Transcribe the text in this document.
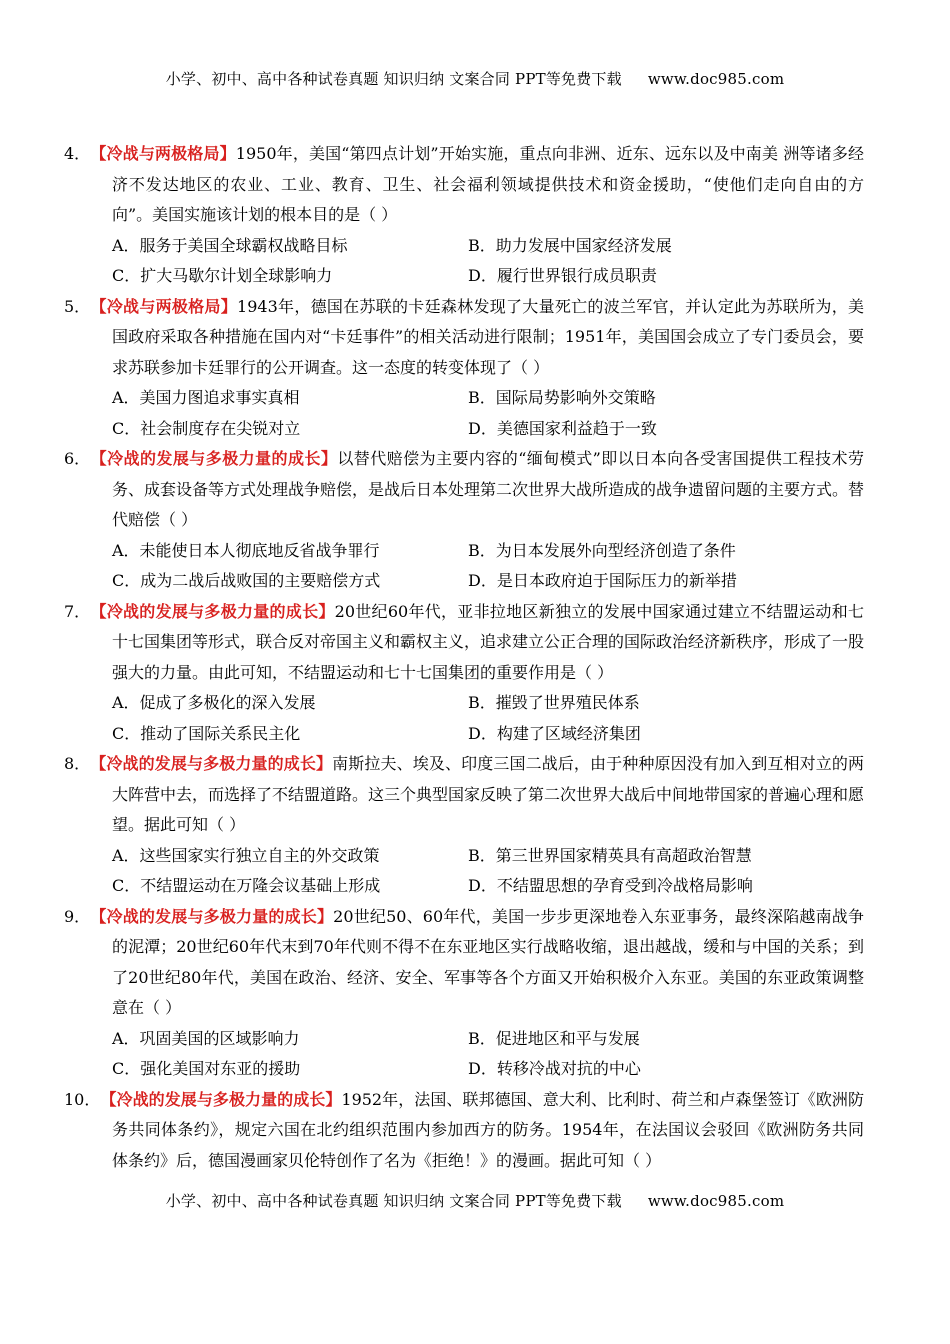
小学、初中、高中各种试卷真题 知识归纳 文案合同 PPT等免费下载 www.doc985.com
4．【冷战与两极格局】1950年，美国“第四点计划”开始实施，重点向非洲、近东、远东以及中南美 洲等诸多经济不发达地区的农业、工业、教育、卫生、社会福利领域提供技术和资金援助，“使他们走向自由的方向”。美国实施该计划的根本目的是（ ）
A．服务于美国全球霸权战略目标	B．助力发展中国家经济发展
C．扩大马歇尔计划全球影响力	D．履行世界银行成员职责
5．【冷战与两极格局】1943年，德国在苏联的卡廷森林发现了大量死亡的波兰军官，并认定此为苏联所为，美国政府采取各种措施在国内对“卡廷事件”的相关活动进行限制；1951年，美国国会成立了专门委员会，要求苏联参加卡廷罪行的公开调查。这一态度的转变体现了（ ）
A．美国力图追求事实真相	B．国际局势影响外交策略
C．社会制度存在尖锐对立	D．美德国家利益趋于一致
6．【冷战的发展与多极力量的成长】以替代赔偿为主要内容的“缅甸模式”即以日本向各受害国提供工程技术劳务、成套设备等方式处理战争赔偿，是战后日本处理第二次世界大战所造成的战争遗留问题的主要方式。替代赔偿（ ）
A．未能使日本人彻底地反省战争罪行	B．为日本发展外向型经济创造了条件
C．成为二战后战败国的主要赔偿方式	D．是日本政府迫于国际压力的新举措
7．【冷战的发展与多极力量的成长】20世纪60年代，亚非拉地区新独立的发展中国家通过建立不结盟运动和七十七国集团等形式，联合反对帝国主义和霸权主义，追求建立公正合理的国际政治经济新秩序，形成了一股强大的力量。由此可知，不结盟运动和七十七国集团的重要作用是（ ）
A．促成了多极化的深入发展	B．摧毁了世界殖民体系
C．推动了国际关系民主化	D．构建了区域经济集团
8．【冷战的发展与多极力量的成长】南斯拉夫、埃及、印度三国二战后，由于种种原因没有加入到互相对立的两大阵营中去，而选择了不结盟道路。这三个典型国家反映了第二次世界大战后中间地带国家的普遍心理和愿望。据此可知（ ）
A．这些国家实行独立自主的外交政策	B．第三世界国家精英具有高超政治智慧
C．不结盟运动在万隆会议基础上形成	D．不结盟思想的孕育受到冷战格局影响
9．【冷战的发展与多极力量的成长】20世纪50、60年代，美国一步步更深地卷入东亚事务，最终深陷越南战争的泥潭；20世纪60年代末到70年代则不得不在东亚地区实行战略收缩，退出越战，缓和与中国的关系；到了20世纪80年代，美国在政治、经济、安全、军事等各个方面又开始积极介入东亚。美国的东亚政策调整意在（ ）
A．巩固美国的区域影响力	B．促进地区和平与发展
C．强化美国对东亚的援助	D．转移冷战对抗的中心
10．【冷战的发展与多极力量的成长】1952年，法国、联邦德国、意大利、比利时、荷兰和卢森堡签订《欧洲防务共同体条约》，规定六国在北约组织范围内参加西方的防务。1954年，在法国议会驳回《欧洲防务共同体条约》后，德国漫画家贝伦特创作了名为《拒绝！》的漫画。据此可知（ ）
小学、初中、高中各种试卷真题 知识归纳 文案合同 PPT等免费下载 www.doc985.com
